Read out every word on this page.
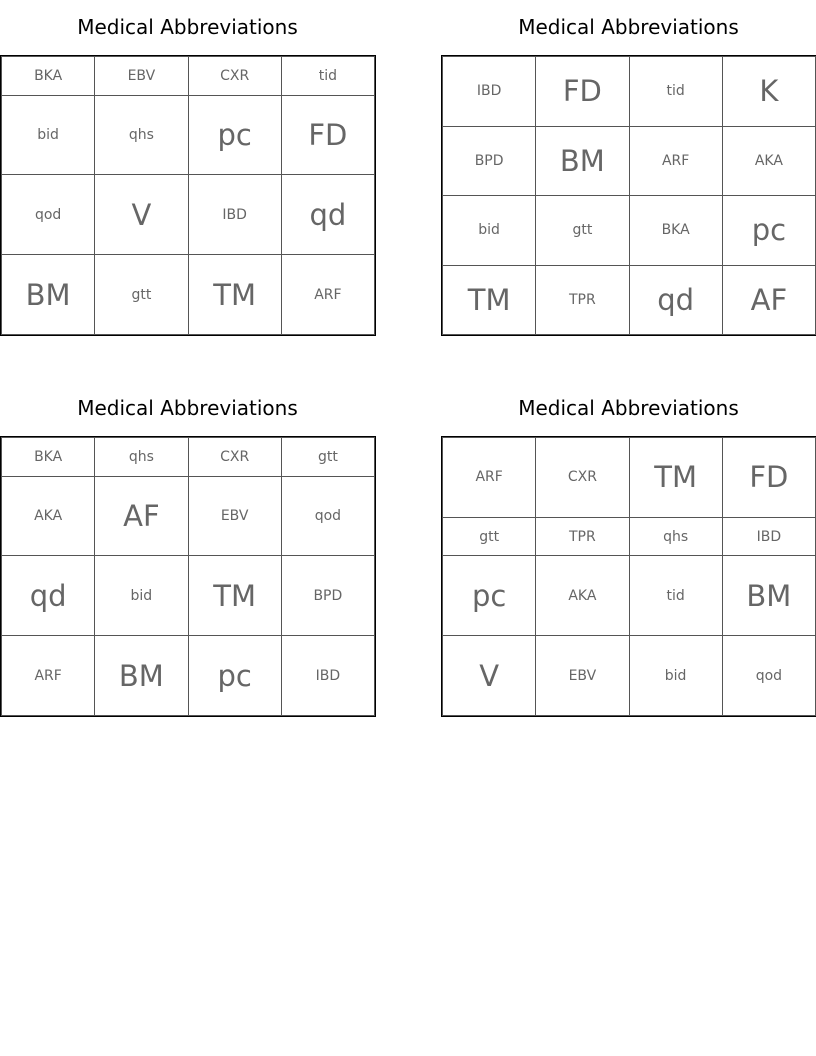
Medical Abbreviations
BKA	EBV	CXR	tid
bid	qhs	pc	FD
qod	V	IBD	qd
BM	gtt	TM	ARF
Medical Abbreviations
IBD	FD	tid	K
BPD	BM	ARF	AKA
bid	gtt	BKA	pc
TM	TPR	qd	AF
Medical Abbreviations
BKA	qhs	CXR	gtt
AKA	AF	EBV	qod
qd	bid	TM	BPD
ARF	BM	pc	IBD
Medical Abbreviations
ARF	CXR	TM	FD
gtt	TPR	qhs	IBD
pc	AKA	tid	BM
V	EBV	bid	qod
